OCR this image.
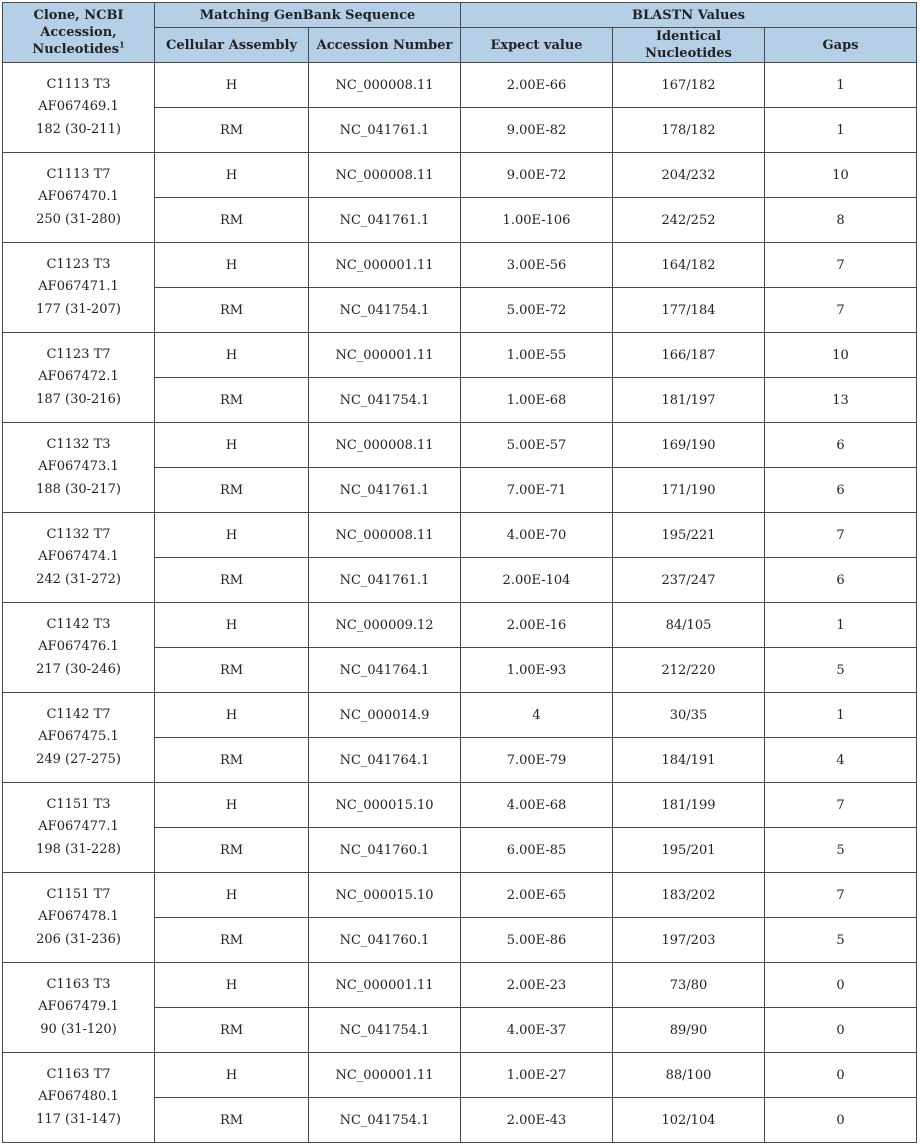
Clone, NCBI Accession, Nucleotides$^1$	Matching GenBank Sequence		BLASTN Values		
	Cellular Assembly	Accession Number	Expect value	Identical Nucleotides	Gaps

C1113 T3
AF067469.1
182 (30-211)	H	NC_000008.11	2.00E-66	167/182	1
	RM	NC_041761.1	9.00E-82	178/182	1

C1113 T7
AF067470.1
250 (31-280)	H	NC_000008.11	9.00E-72	204/232	10
	RM	NC_041761.1	1.00E-106	242/252	8

C1123 T3
AF067471.1
177 (31-207)	H	NC_000001.11	3.00E-56	164/182	7
	RM	NC_041754.1	5.00E-72	177/184	7

C1123 T7
AF067472.1
187 (30-216)	H	NC_000001.11	1.00E-55	166/187	10
	RM	NC_041754.1	1.00E-68	181/197	13

C1132 T3
AF067473.1
188 (30-217)	H	NC_000008.11	5.00E-57	169/190	6
	RM	NC_041761.1	7.00E-71	171/190	6

C1132 T7
AF067474.1
242 (31-272)	H	NC_000008.11	4.00E-70	195/221	7
	RM	NC_041761.1	2.00E-104	237/247	6

C1142 T3
AF067476.1
217 (30-246)	H	NC_000009.12	2.00E-16	84/105	1
	RM	NC_041764.1	1.00E-93	212/220	5

C1142 T7
AF067475.1
249 (27-275)	H	NC_000014.9	4	30/35	1
	RM	NC_041764.1	7.00E-79	184/191	4

C1151 T3
AF067477.1
198 (31-228)	H	NC_000015.10	4.00E-68	181/199	7
	RM	NC_041760.1	6.00E-85	195/201	5

C1151 T7
AF067478.1
206 (31-236)	H	NC_000015.10	2.00E-65	183/202	7
	RM	NC_041760.1	5.00E-86	197/203	5

C1163 T3
AF067479.1
90 (31-120)	H	NC_000001.11	2.00E-23	73/80	0
	RM	NC_041754.1	4.00E-37	89/90	0

C1163 T7
AF067480.1
117 (31-147)	H	NC_000001.11	1.00E-27	88/100	0
	RM	NC_041754.1	2.00E-43	102/104	0
